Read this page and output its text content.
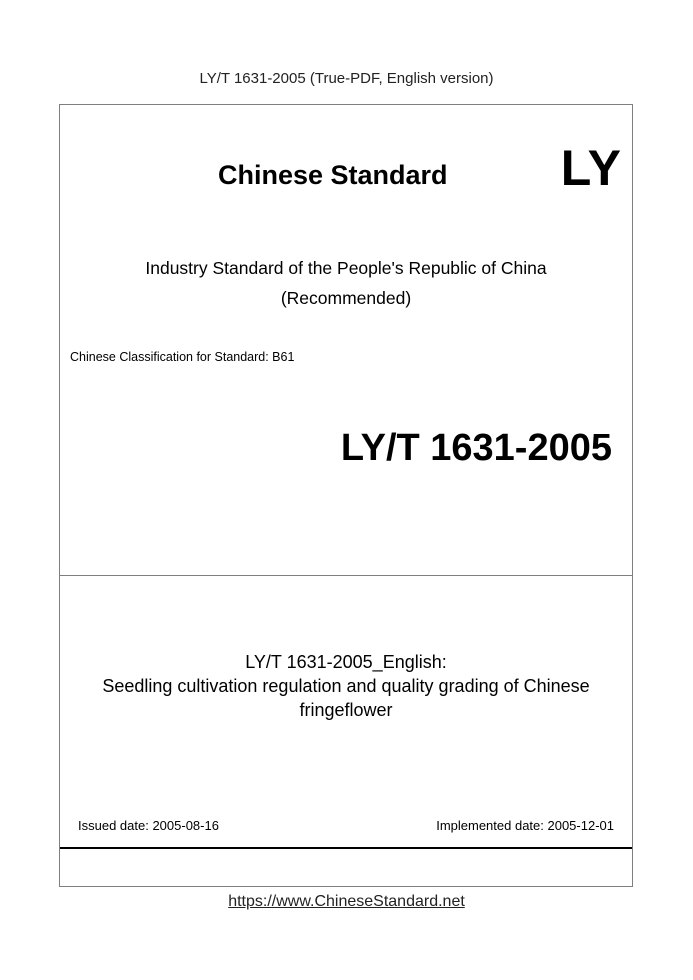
LY/T 1631-2005 (True-PDF, English version)
Chinese Standard LY
Industry Standard of the People's Republic of China
(Recommended)
Chinese Classification for Standard: B61
LY/T 1631-2005
LY/T 1631-2005_English:
Seedling cultivation regulation and quality grading of Chinese
fringeflower
Issued date: 2005-08-16	Implemented date: 2005-12-01
https://www.ChineseStandard.net
